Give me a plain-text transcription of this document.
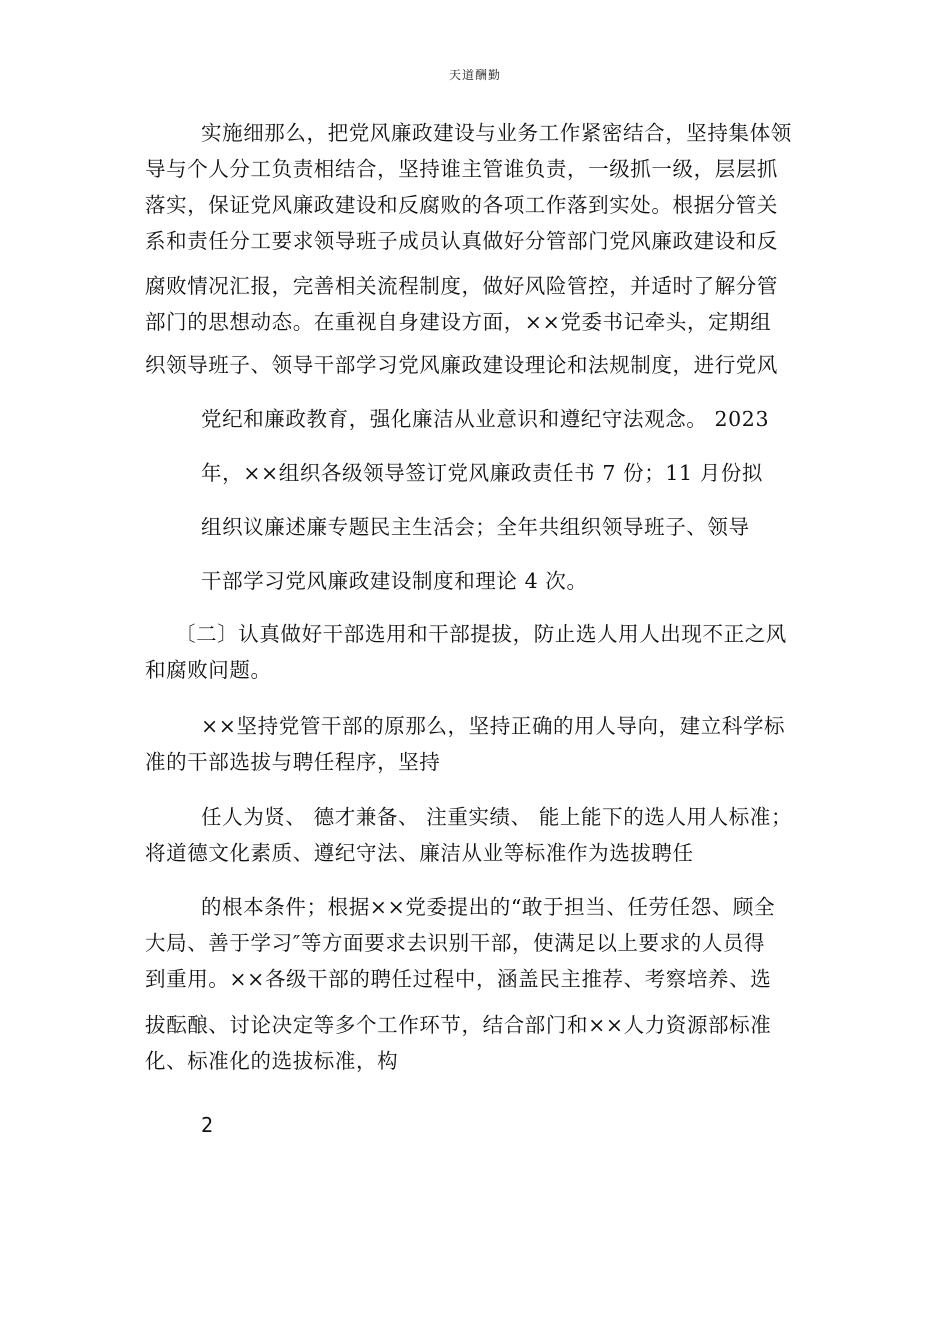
天道酬勤
实施细那么，把党风廉政建设与业务工作紧密结合，坚持集体领
导与个人分工负责相结合，坚持谁主管谁负责，一级抓一级，层层抓
落实，保证党风廉政建设和反腐败的各项工作落到实处。根据分管关
系和责任分工要求领导班子成员认真做好分管部门党风廉政建设和反
腐败情况汇报，完善相关流程制度，做好风险管控，并适时了解分管
部门的思想动态。在重视自身建设方面，××党委书记牵头，定期组
织领导班子、领导干部学习党风廉政建设理论和法规制度，进行党风
党纪和廉政教育，强化廉洁从业意识和遵纪守法观念。 2023
年，××组织各级领导签订党风廉政责任书 7 份；11 月份拟
组织议廉述廉专题民主生活会；全年共组织领导班子、领导
干部学习党风廉政建设制度和理论 4 次。
〔二〕认真做好干部选用和干部提拔，防止选人用人出现不正之风
和腐败问题。
××坚持党管干部的原那么，坚持正确的用人导向，建立科学标
准的干部选拔与聘任程序，坚持
任人为贤、 德才兼备、 注重实绩、 能上能下的选人用人标准；
将道德文化素质、遵纪守法、廉洁从业等标准作为选拔聘任
的根本条件；根据××党委提出的“敢于担当、任劳任怨、顾全
大局、善于学习″等方面要求去识别干部，使满足以上要求的人员得
到重用。××各级干部的聘任过程中，涵盖民主推荐、考察培养、选
拔酝酿、讨论决定等多个工作环节，结合部门和××人力资源部标准
化、标准化的选拔标准，构
2
